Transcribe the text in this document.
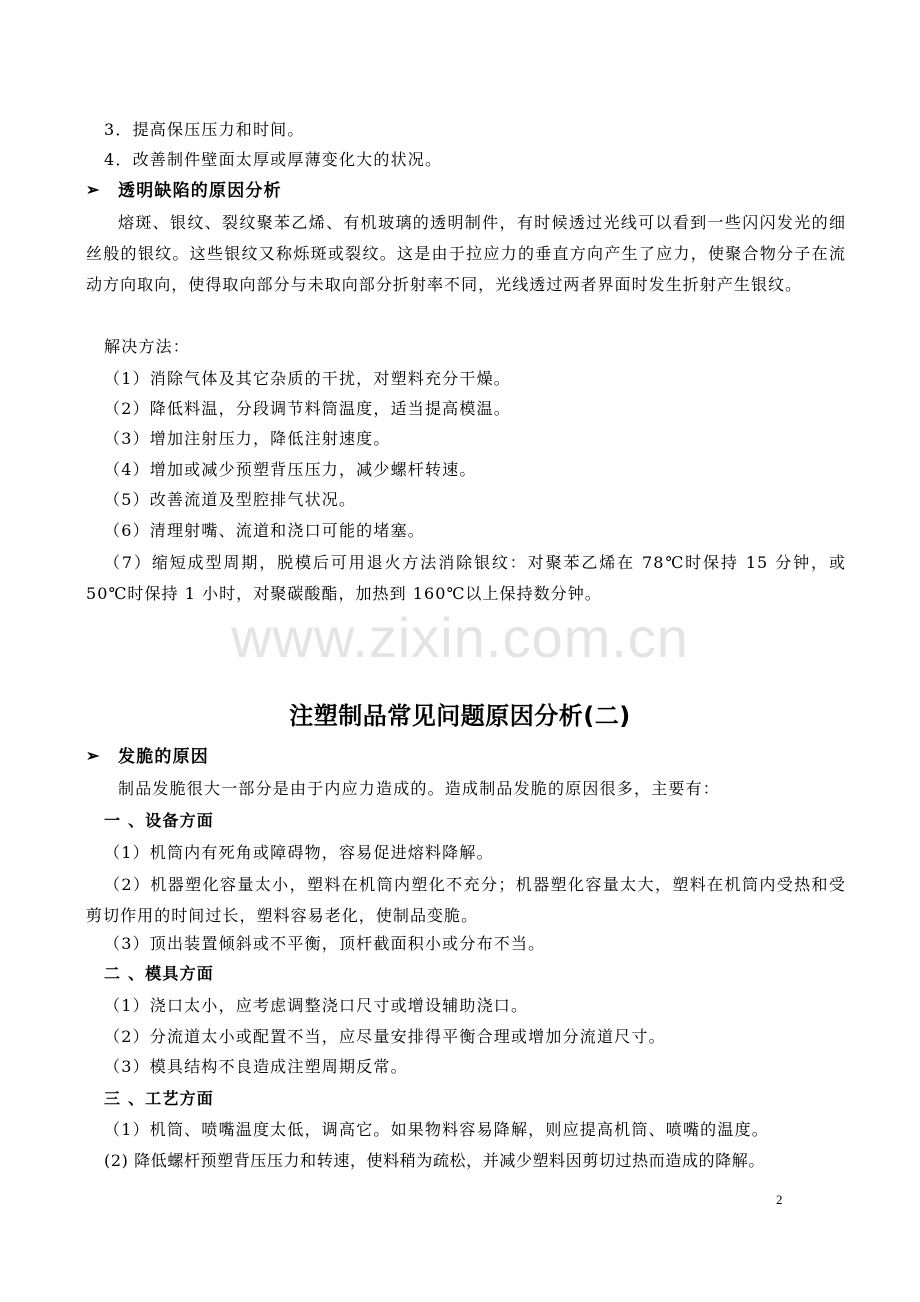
www.zixin.com.cn
3．提高保压压力和时间。
4．改善制件壁面太厚或厚薄变化大的状况。
➢ 透明缺陷的原因分析
熔斑、银纹、裂纹聚苯乙烯、有机玻璃的透明制件，有时候透过光线可以看到一些闪闪发光的细丝般的银纹。这些银纹又称烁斑或裂纹。这是由于拉应力的垂直方向产生了应力，使聚合物分子在流动方向取向，使得取向部分与未取向部分折射率不同，光线透过两者界面时发生折射产生银纹。
解决方法：
（1）消除气体及其它杂质的干扰，对塑料充分干燥。
（2）降低料温，分段调节料筒温度，适当提高模温。
（3）增加注射压力，降低注射速度。
（4）增加或减少预塑背压压力，减少螺杆转速。
（5）改善流道及型腔排气状况。
（6）清理射嘴、流道和浇口可能的堵塞。
（7）缩短成型周期，脱模后可用退火方法消除银纹：对聚苯乙烯在 78℃时保持 15 分钟，或 50℃时保持 1 小时，对聚碳酸酯，加热到 160℃以上保持数分钟。
注塑制品常见问题原因分析(二)
➢ 发脆的原因
制品发脆很大一部分是由于内应力造成的。造成制品发脆的原因很多，主要有：
一 、设备方面
（1）机筒内有死角或障碍物，容易促进熔料降解。
（2）机器塑化容量太小，塑料在机筒内塑化不充分；机器塑化容量太大，塑料在机筒内受热和受剪切作用的时间过长，塑料容易老化，使制品变脆。
（3）顶出装置倾斜或不平衡，顶杆截面积小或分布不当。
二 、模具方面
（1）浇口太小，应考虑调整浇口尺寸或增设辅助浇口。
（2）分流道太小或配置不当，应尽量安排得平衡合理或增加分流道尺寸。
（3）模具结构不良造成注塑周期反常。
三 、工艺方面
（1）机筒、喷嘴温度太低，调高它。如果物料容易降解，则应提高机筒、喷嘴的温度。
(2) 降低螺杆预塑背压压力和转速，使料稍为疏松，并减少塑料因剪切过热而造成的降解。
2
